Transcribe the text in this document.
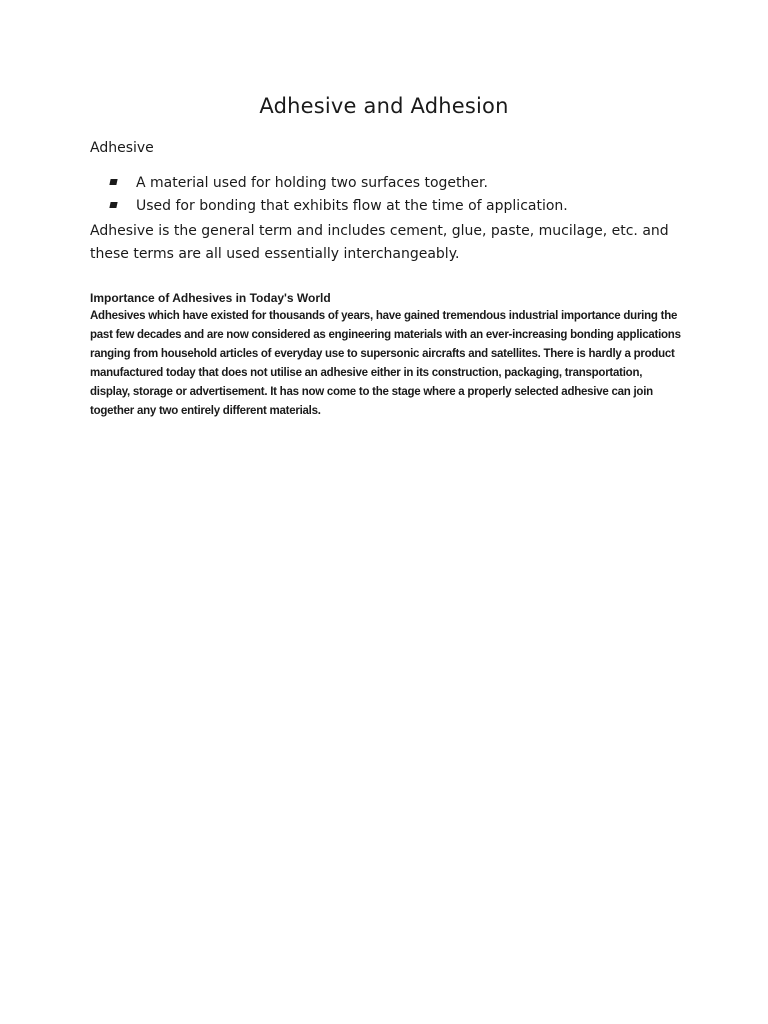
Adhesive and Adhesion

Adhesive

A material used for holding two surfaces together.
Used for bonding that exhibits flow at the time of application.

Adhesive is the general term and includes cement, glue, paste, mucilage, etc. and these terms are all used essentially interchangeably.

Importance of Adhesives in Today's World

Adhesives which have existed for thousands of years, have gained tremendous industrial importance during the past few decades and are now considered as engineering materials with an ever-increasing bonding applications ranging from household articles of everyday use to supersonic aircrafts and satellites. There is hardly a product manufactured today that does not utilise an adhesive either in its construction, packaging, transportation, display, storage or advertisement. It has now come to the stage where a properly selected adhesive can join together any two entirely different materials.
